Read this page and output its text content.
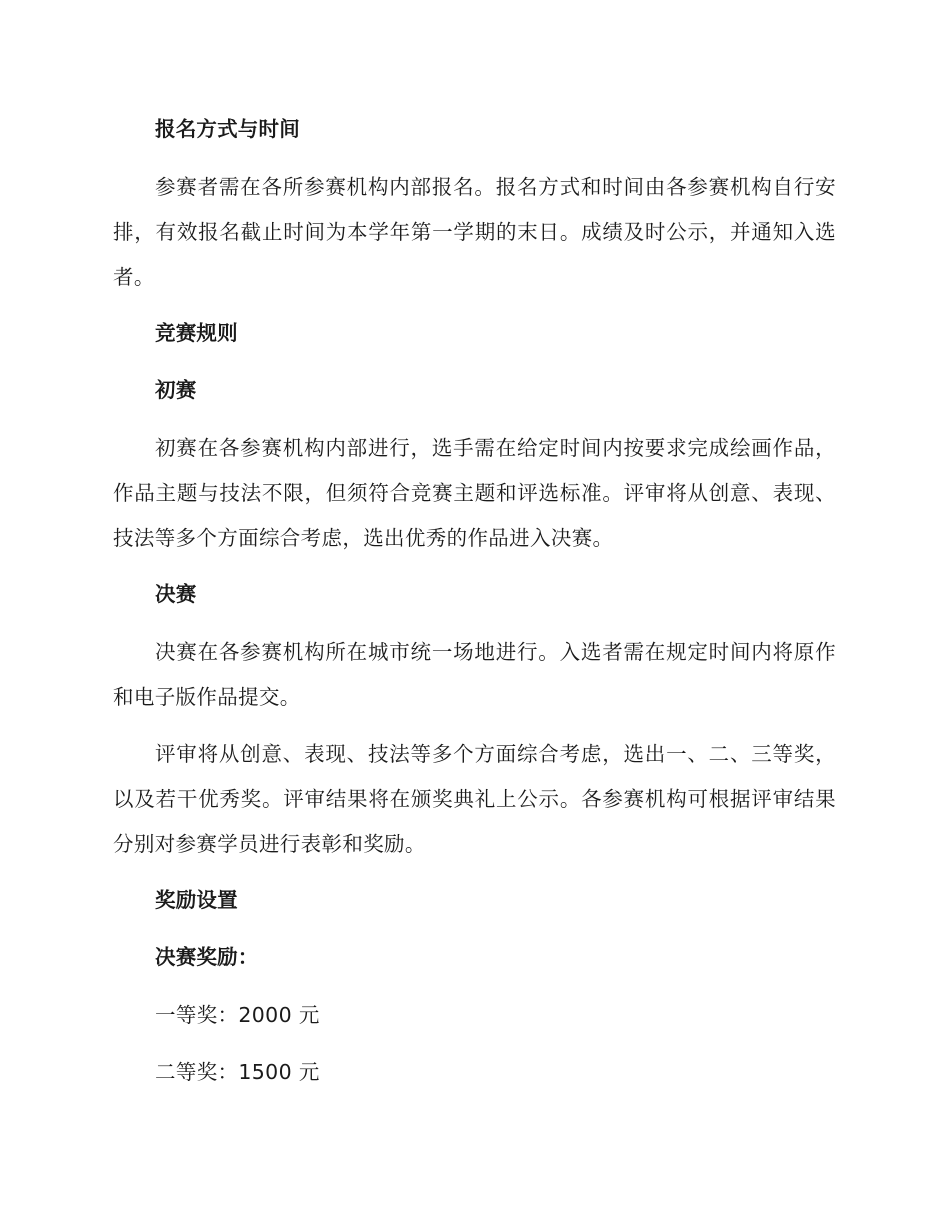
报名方式与时间

参赛者需在各所参赛机构内部报名。报名方式和时间由各参赛机构自行安排，有效报名截止时间为本学年第一学期的末日。成绩及时公示，并通知入选者。

竞赛规则
初赛

初赛在各参赛机构内部进行，选手需在给定时间内按要求完成绘画作品，作品主题与技法不限，但须符合竞赛主题和评选标准。评审将从创意、表现、技法等多个方面综合考虑，选出优秀的作品进入决赛。

决赛

决赛在各参赛机构所在城市统一场地进行。入选者需在规定时间内将原作和电子版作品提交。

评审将从创意、表现、技法等多个方面综合考虑，选出一、二、三等奖，以及若干优秀奖。评审结果将在颁奖典礼上公示。各参赛机构可根据评审结果分别对参赛学员进行表彰和奖励。

奖励设置
决赛奖励：

一等奖：2000 元

二等奖：1500 元
